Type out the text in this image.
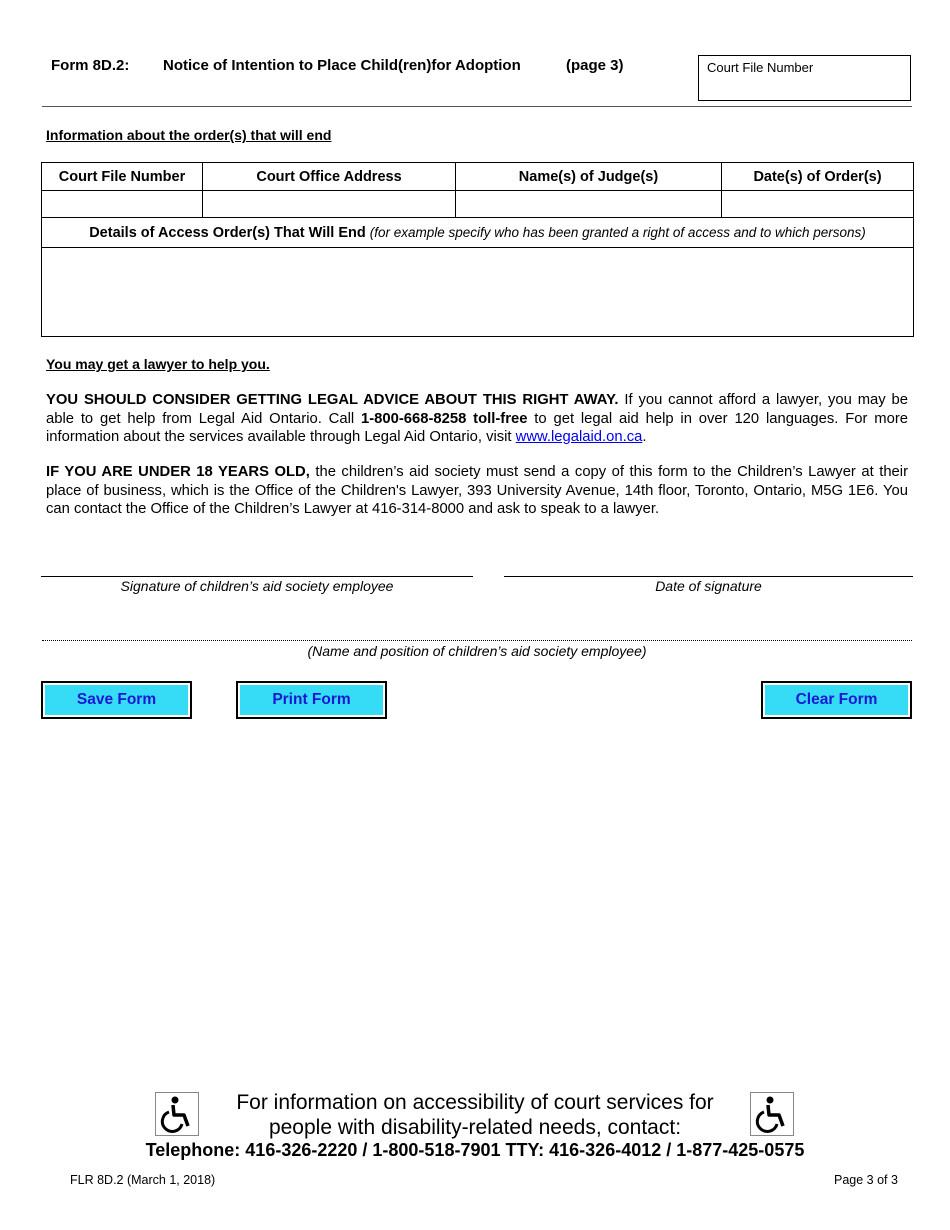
Form 8D.2: Notice of Intention to Place Child(ren)for Adoption	(page 3)	Court File Number
Information about the order(s) that will end
Court File Number	Court Office Address	Name(s) of Judge(s)	Date(s) of Order(s)

Details of Access Order(s) That Will End (for example specify who has been granted a right of access and to which persons)			

You may get a lawyer to help you.
YOU SHOULD CONSIDER GETTING LEGAL ADVICE ABOUT THIS RIGHT AWAY. If you cannot afford a lawyer, you may be able to get help from Legal Aid Ontario. Call 1-800-668-8258 toll-free to get legal aid help in over 120 languages. For more information about the services available through Legal Aid Ontario, visit www.legalaid.on.ca.
IF YOU ARE UNDER 18 YEARS OLD, the children’s aid society must send a copy of this form to the Children’s Lawyer at their place of business, which is the Office of the Children's Lawyer, 393 University Avenue, 14th floor, Toronto, Ontario, M5G 1E6. You can contact the Office of the Children’s Lawyer at 416-314-8000 and ask to speak to a lawyer.
Signature of children’s aid society employee	Date of signature
(Name and position of children’s aid society employee)
Save Form	Print Form	Clear Form
For information on accessibility of court services for
people with disability-related needs, contact:
Telephone: 416-326-2220 / 1-800-518-7901 TTY: 416-326-4012 / 1-877-425-0575
FLR 8D.2 (March 1, 2018)	Page 3 of 3
